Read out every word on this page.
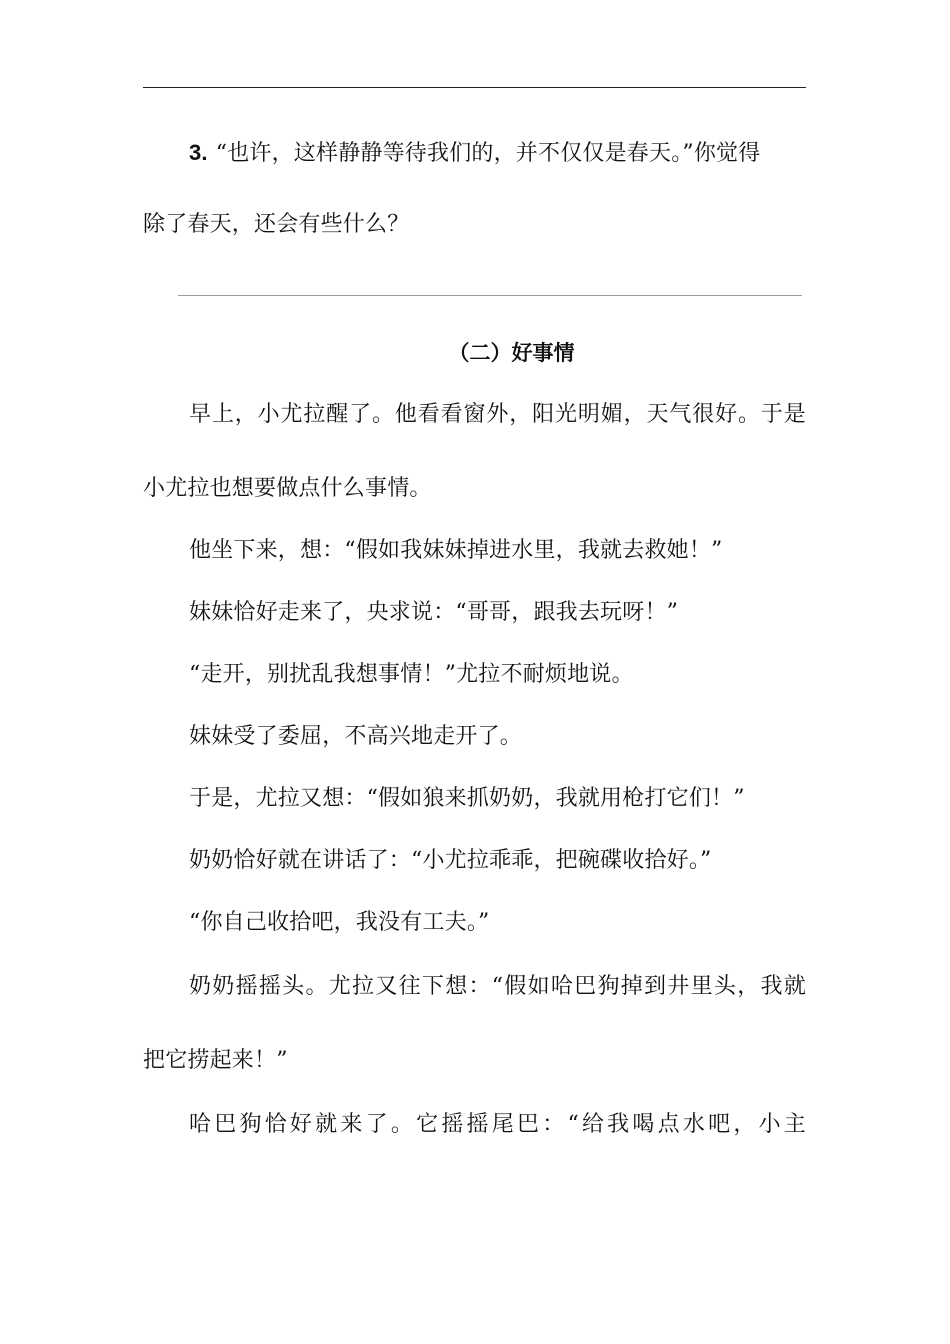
3. “也许，这样静静等待我们的，并不仅仅是春天。”你觉得
除了春天，还会有些什么？
（二）好事情
早上，小尤拉醒了。他看看窗外，阳光明媚，天气很好。于是
小尤拉也想要做点什么事情。
他坐下来，想：“假如我妹妹掉进水里，我就去救她！”
妹妹恰好走来了，央求说：“哥哥，跟我去玩呀！”
“走开，别扰乱我想事情！”尤拉不耐烦地说。
妹妹受了委屈，不高兴地走开了。
于是，尤拉又想：“假如狼来抓奶奶，我就用枪打它们！”
奶奶恰好就在讲话了：“小尤拉乖乖，把碗碟收拾好。”
“你自己收拾吧，我没有工夫。”
奶奶摇摇头。尤拉又往下想：“假如哈巴狗掉到井里头，我就
把它捞起来！”
哈巴狗恰好就来了。它摇摇尾巴：“给我喝点水吧，小主
